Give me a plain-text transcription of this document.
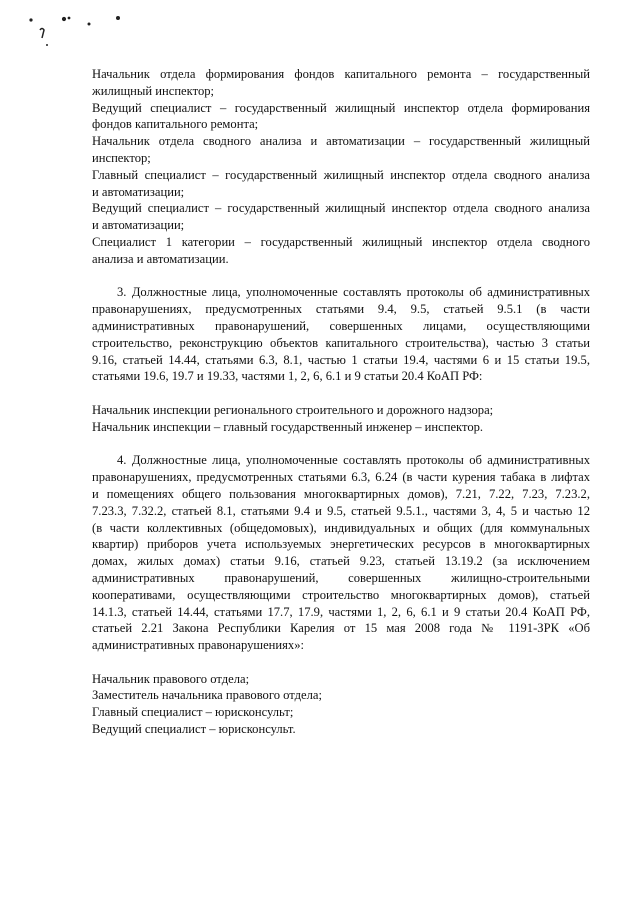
Начальник отдела формирования фондов капитального ремонта – государственный
жилищный инспектор;
Ведущий специалист – государственный жилищный инспектор отдела формирования
фондов капитального ремонта;
Начальник отдела сводного анализа и автоматизации – государственный жилищный
инспектор;
Главный специалист – государственный жилищный инспектор отдела сводного анализа
и автоматизации;
Ведущий специалист – государственный жилищный инспектор отдела сводного анализа
и автоматизации;
Специалист 1 категории – государственный жилищный инспектор отдела сводного
анализа и автоматизации.
3. Должностные лица, уполномоченные составлять протоколы об административных
правонарушениях, предусмотренных статьями 9.4, 9.5, статьей 9.5.1 (в части
административных правонарушений, совершенных лицами, осуществляющими
строительство, реконструкцию объектов капитального строительства), частью 3 статьи
9.16, статьей 14.44, статьями 6.3, 8.1, частью 1 статьи 19.4, частями 6 и 15 статьи 19.5,
статьями 19.6, 19.7 и 19.33, частями 1, 2, 6, 6.1 и 9 статьи 20.4 КоАП РФ:
Начальник инспекции регионального строительного и дорожного надзора;
Начальник инспекции – главный государственный инженер – инспектор.
4. Должностные лица, уполномоченные составлять протоколы об административных
правонарушениях, предусмотренных статьями 6.3, 6.24 (в части курения табака в лифтах
и помещениях общего пользования многоквартирных домов), 7.21, 7.22, 7.23, 7.23.2,
7.23.3, 7.32.2, статьей 8.1, статьями 9.4 и 9.5, статьей 9.5.1., частями 3, 4, 5 и частью 12
(в части коллективных (общедомовых), индивидуальных и общих (для коммунальных
квартир) приборов учета используемых энергетических ресурсов в многоквартирных
домах, жилых домах) статьи 9.16, статьей 9.23, статьей 13.19.2 (за исключением
административных правонарушений, совершенных жилищно-строительными
кооперативами, осуществляющими строительство многоквартирных домов), статьей
14.1.3, статьей 14.44, статьями 17.7, 17.9, частями 1, 2, 6, 6.1 и 9 статьи 20.4 КоАП РФ,
статьей 2.21 Закона Республики Карелия от 15 мая 2008 года № 1191-ЗРК «Об
административных правонарушениях»:
Начальник правового отдела;
Заместитель начальника правового отдела;
Главный специалист – юрисконсульт;
Ведущий специалист – юрисконсульт.
